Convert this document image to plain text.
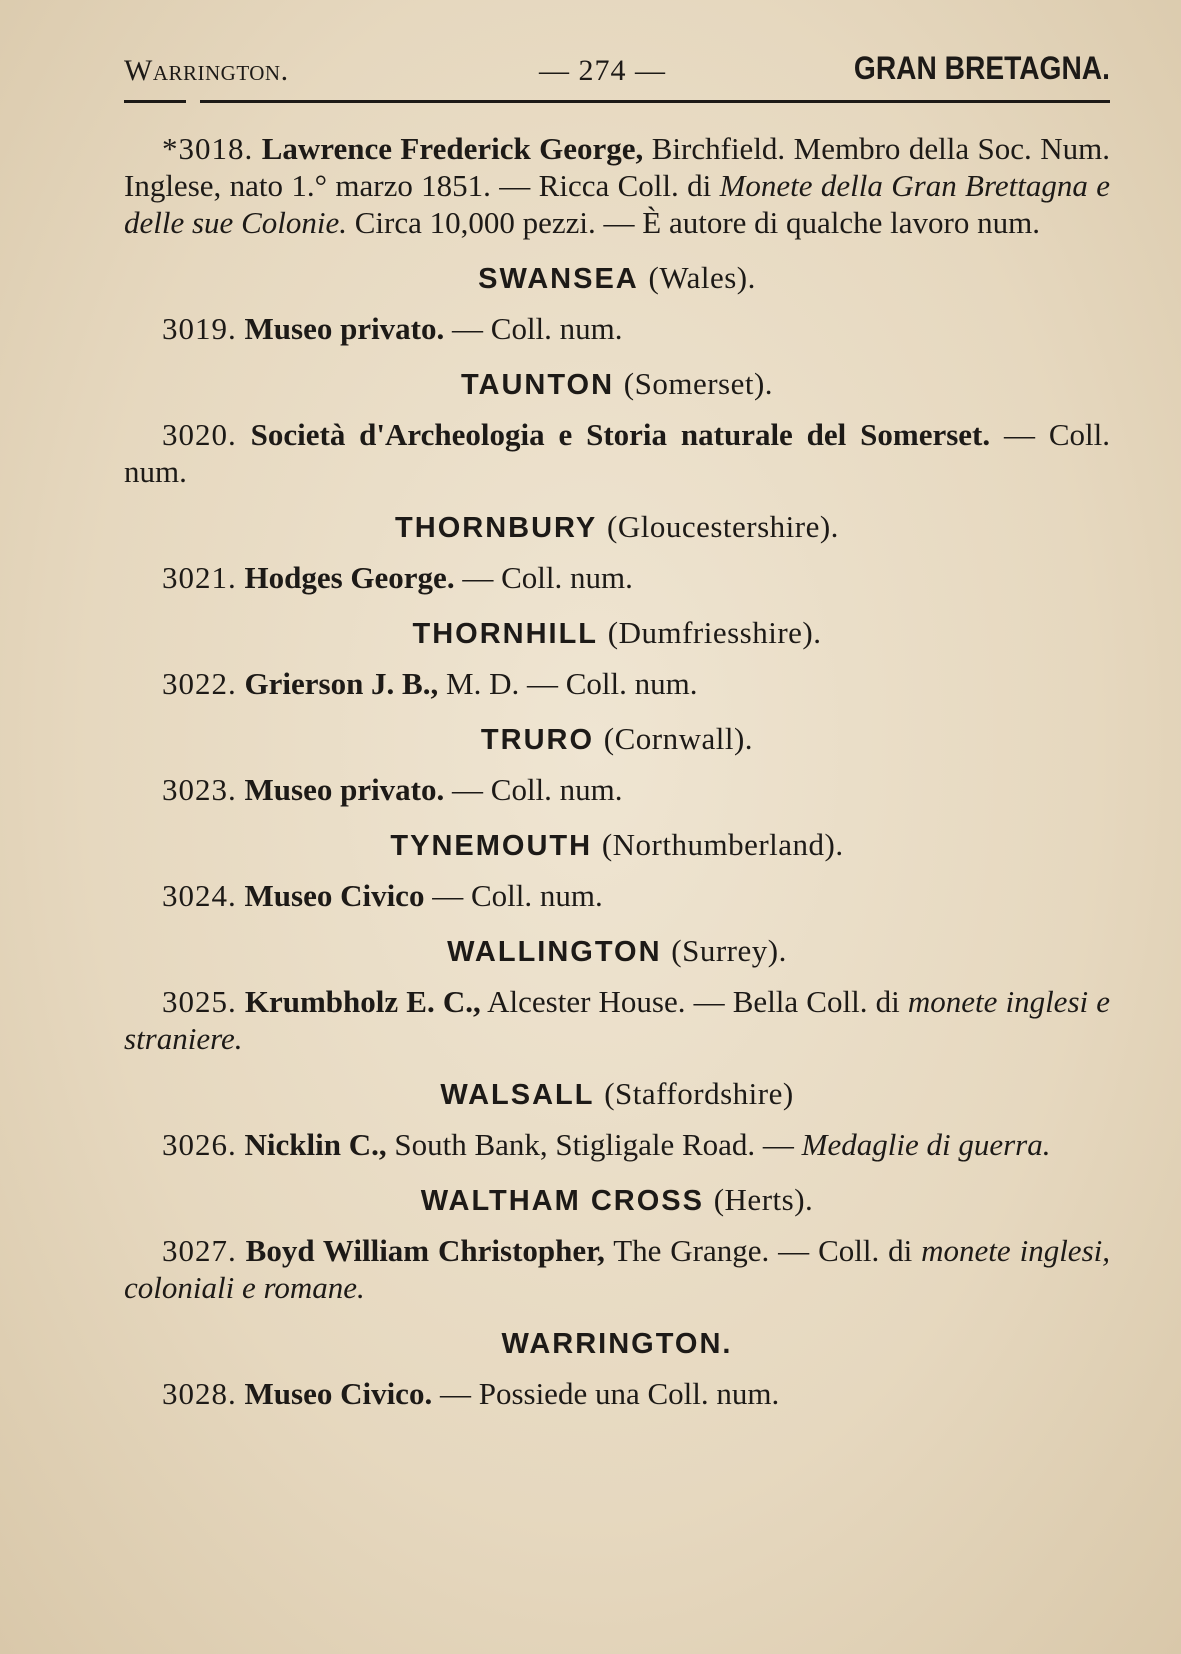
Warrington.	— 274 —	GRAN BRETAGNA.

*3018. Lawrence Frederick George, Birchfield. Membro della Soc. Num. Inglese, nato 1.° marzo 1851. — Ricca Coll. di Monete della Gran Brettagna e delle sue Colonie. Circa 10,000 pezzi. — È autore di qualche lavoro num.

SWANSEA (Wales).

3019. Museo privato. — Coll. num.

TAUNTON (Somerset).

3020. Società d'Archeologia e Storia naturale del Somerset. — Coll. num.

THORNBURY (Gloucestershire).

3021. Hodges George. — Coll. num.

THORNHILL (Dumfriesshire).

3022. Grierson J. B., M. D. — Coll. num.

TRURO (Cornwall).

3023. Museo privato. — Coll. num.

TYNEMOUTH (Northumberland).

3024. Museo Civico — Coll. num.

WALLINGTON (Surrey).

3025. Krumbholz E. C., Alcester House. — Bella Coll. di monete inglesi e straniere.

WALSALL (Staffordshire)

3026. Nicklin C., South Bank, Stigligale Road. — Medaglie di guerra.

WALTHAM CROSS (Herts).

3027. Boyd William Christopher, The Grange. — Coll. di monete inglesi, coloniali e romane.

WARRINGTON.

3028. Museo Civico. — Possiede una Coll. num.
